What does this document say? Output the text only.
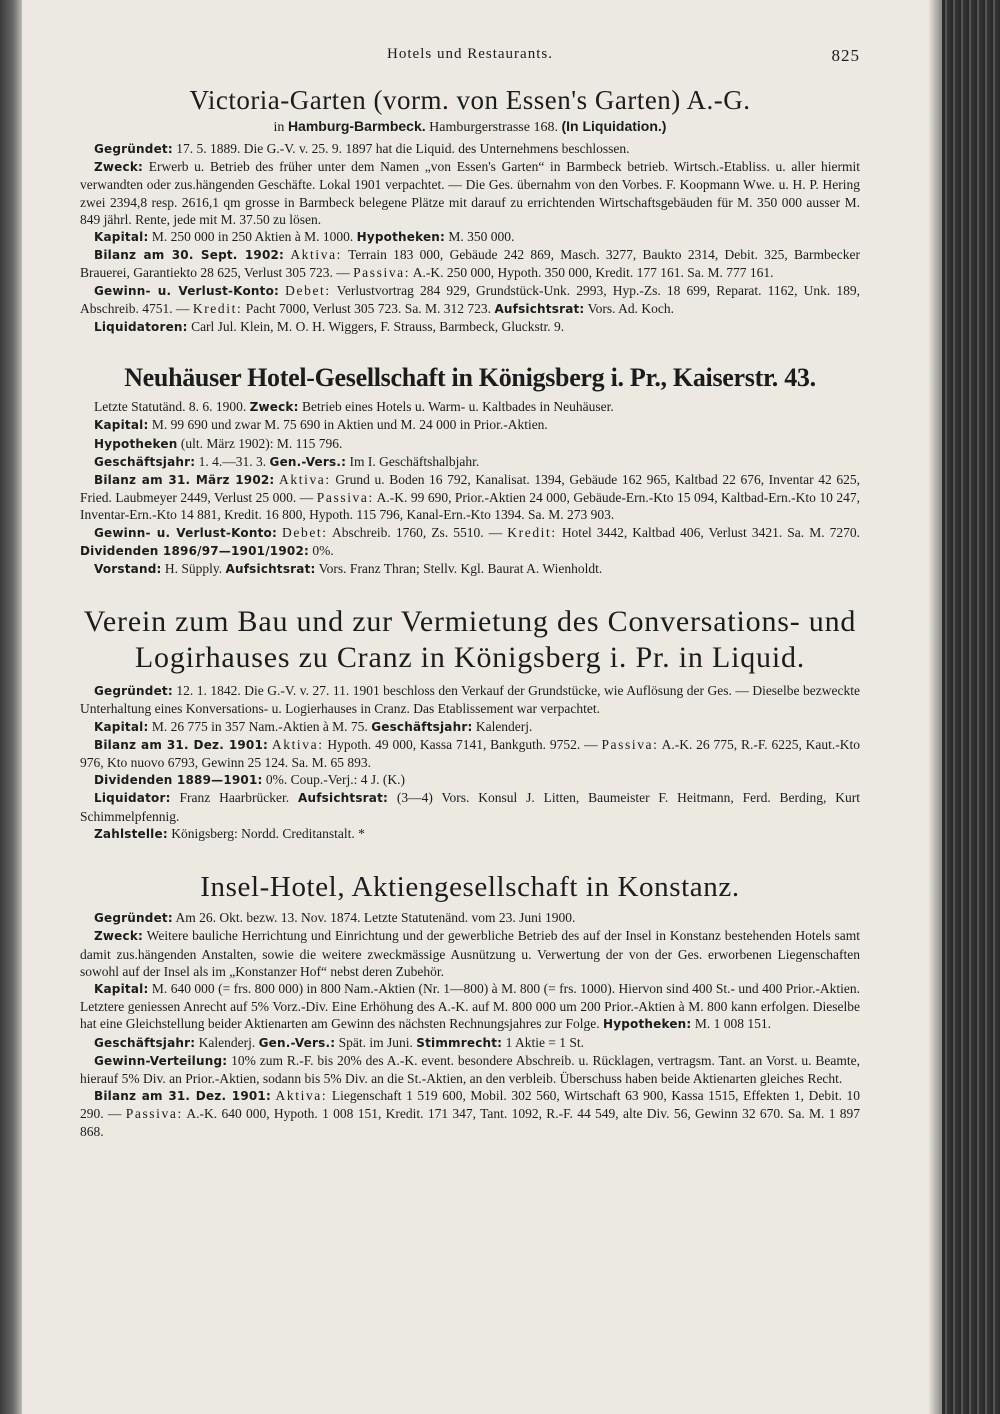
Hotels und Restaurants.	825
Victoria-Garten (vorm. von Essen's Garten) A.-G.
in Hamburg-Barmbeck. Hamburgerstrasse 168. (In Liquidation.)

Gegründet: 17. 5. 1889. Die G.-V. v. 25. 9. 1897 hat die Liquid. des Unternehmens beschlossen.

Zweck: Erwerb u. Betrieb des früher unter dem Namen „von Essen's Garten“ in Barmbeck betrieb. Wirtsch.-Etabliss. u. aller hiermit verwandten oder zus.hängenden Geschäfte. Lokal 1901 verpachtet. — Die Ges. übernahm von den Vorbes. F. Koopmann Wwe. u. H. P. Hering zwei 2394,8 resp. 2616,1 qm grosse in Barmbeck belegene Plätze mit darauf zu errichtenden Wirtschaftsgebäuden für M. 350 000 ausser M. 849 jährl. Rente, jede mit M. 37.50 zu lösen.

Kapital: M. 250 000 in 250 Aktien à M. 1000. Hypotheken: M. 350 000.

Bilanz am 30. Sept. 1902: Aktiva: Terrain 183 000, Gebäude 242 869, Masch. 3277, Baukto 2314, Debit. 325, Barmbecker Brauerei, Garantiekto 28 625, Verlust 305 723. — Passiva: A.-K. 250 000, Hypoth. 350 000, Kredit. 177 161. Sa. M. 777 161.

Gewinn- u. Verlust-Konto: Debet: Verlustvortrag 284 929, Grundstück-Unk. 2993, Hyp.-Zs. 18 699, Reparat. 1162, Unk. 189, Abschreib. 4751. — Kredit: Pacht 7000, Verlust 305 723. Sa. M. 312 723. Aufsichtsrat: Vors. Ad. Koch.

Liquidatoren: Carl Jul. Klein, M. O. H. Wiggers, F. Strauss, Barmbeck, Gluckstr. 9.

Neuhäuser Hotel-Gesellschaft in Königsberg i. Pr., Kaiserstr. 43.

Letzte Statutänd. 8. 6. 1900. Zweck: Betrieb eines Hotels u. Warm- u. Kaltbades in Neuhäuser.

Kapital: M. 99 690 und zwar M. 75 690 in Aktien und M. 24 000 in Prior.-Aktien.

Hypotheken (ult. März 1902): M. 115 796.

Geschäftsjahr: 1. 4.—31. 3. Gen.-Vers.: Im I. Geschäftshalbjahr.

Bilanz am 31. März 1902: Aktiva: Grund u. Boden 16 792, Kanalisat. 1394, Gebäude 162 965, Kaltbad 22 676, Inventar 42 625, Fried. Laubmeyer 2449, Verlust 25 000. — Passiva: A.-K. 99 690, Prior.-Aktien 24 000, Gebäude-Ern.-Kto 15 094, Kaltbad-Ern.-Kto 10 247, Inventar-Ern.-Kto 14 881, Kredit. 16 800, Hypoth. 115 796, Kanal-Ern.-Kto 1394. Sa. M. 273 903.

Gewinn- u. Verlust-Konto: Debet: Abschreib. 1760, Zs. 5510. — Kredit: Hotel 3442, Kaltbad 406, Verlust 3421. Sa. M. 7270. Dividenden 1896/97—1901/1902: 0%.

Vorstand: H. Süpply. Aufsichtsrat: Vors. Franz Thran; Stellv. Kgl. Baurat A. Wienholdt.

Verein zum Bau und zur Vermietung des Conversations- und Logirhauses zu Cranz in Königsberg i. Pr. in Liquid.

Gegründet: 12. 1. 1842. Die G.-V. v. 27. 11. 1901 beschloss den Verkauf der Grundstücke, wie Auflösung der Ges. — Dieselbe bezweckte Unterhaltung eines Konversations- u. Logierhauses in Cranz. Das Etablissement war verpachtet.

Kapital: M. 26 775 in 357 Nam.-Aktien à M. 75. Geschäftsjahr: Kalenderj.

Bilanz am 31. Dez. 1901: Aktiva: Hypoth. 49 000, Kassa 7141, Bankguth. 9752. — Passiva: A.-K. 26 775, R.-F. 6225, Kaut.-Kto 976, Kto nuovo 6793, Gewinn 25 124. Sa. M. 65 893.

Dividenden 1889—1901: 0%. Coup.-Verj.: 4 J. (K.)

Liquidator: Franz Haarbrücker. Aufsichtsrat: (3—4) Vors. Konsul J. Litten, Baumeister F. Heitmann, Ferd. Berding, Kurt Schimmelpfennig.

Zahlstelle: Königsberg: Nordd. Creditanstalt. *

Insel-Hotel, Aktiengesellschaft in Konstanz.

Gegründet: Am 26. Okt. bezw. 13. Nov. 1874. Letzte Statutenänd. vom 23. Juni 1900.

Zweck: Weitere bauliche Herrichtung und Einrichtung und der gewerbliche Betrieb des auf der Insel in Konstanz bestehenden Hotels samt damit zus.hängenden Anstalten, sowie die weitere zweckmässige Ausnützung u. Verwertung der von der Ges. erworbenen Liegenschaften sowohl auf der Insel als im „Konstanzer Hof“ nebst deren Zubehör.

Kapital: M. 640 000 (= frs. 800 000) in 800 Nam.-Aktien (Nr. 1—800) à M. 800 (= frs. 1000). Hiervon sind 400 St.- und 400 Prior.-Aktien. Letztere geniessen Anrecht auf 5% Vorz.-Div. Eine Erhöhung des A.-K. auf M. 800 000 um 200 Prior.-Aktien à M. 800 kann erfolgen. Dieselbe hat eine Gleichstellung beider Aktienarten am Gewinn des nächsten Rechnungsjahres zur Folge. Hypotheken: M. 1 008 151.

Geschäftsjahr: Kalenderj. Gen.-Vers.: Spät. im Juni. Stimmrecht: 1 Aktie = 1 St.

Gewinn-Verteilung: 10% zum R.-F. bis 20% des A.-K. event. besondere Abschreib. u. Rücklagen, vertragsm. Tant. an Vorst. u. Beamte, hierauf 5% Div. an Prior.-Aktien, sodann bis 5% Div. an die St.-Aktien, an den verbleib. Überschuss haben beide Aktienarten gleiches Recht.

Bilanz am 31. Dez. 1901: Aktiva: Liegenschaft 1 519 600, Mobil. 302 560, Wirtschaft 63 900, Kassa 1515, Effekten 1, Debit. 10 290. — Passiva: A.-K. 640 000, Hypoth. 1 008 151, Kredit. 171 347, Tant. 1092, R.-F. 44 549, alte Div. 56, Gewinn 32 670. Sa. M. 1 897 868.
